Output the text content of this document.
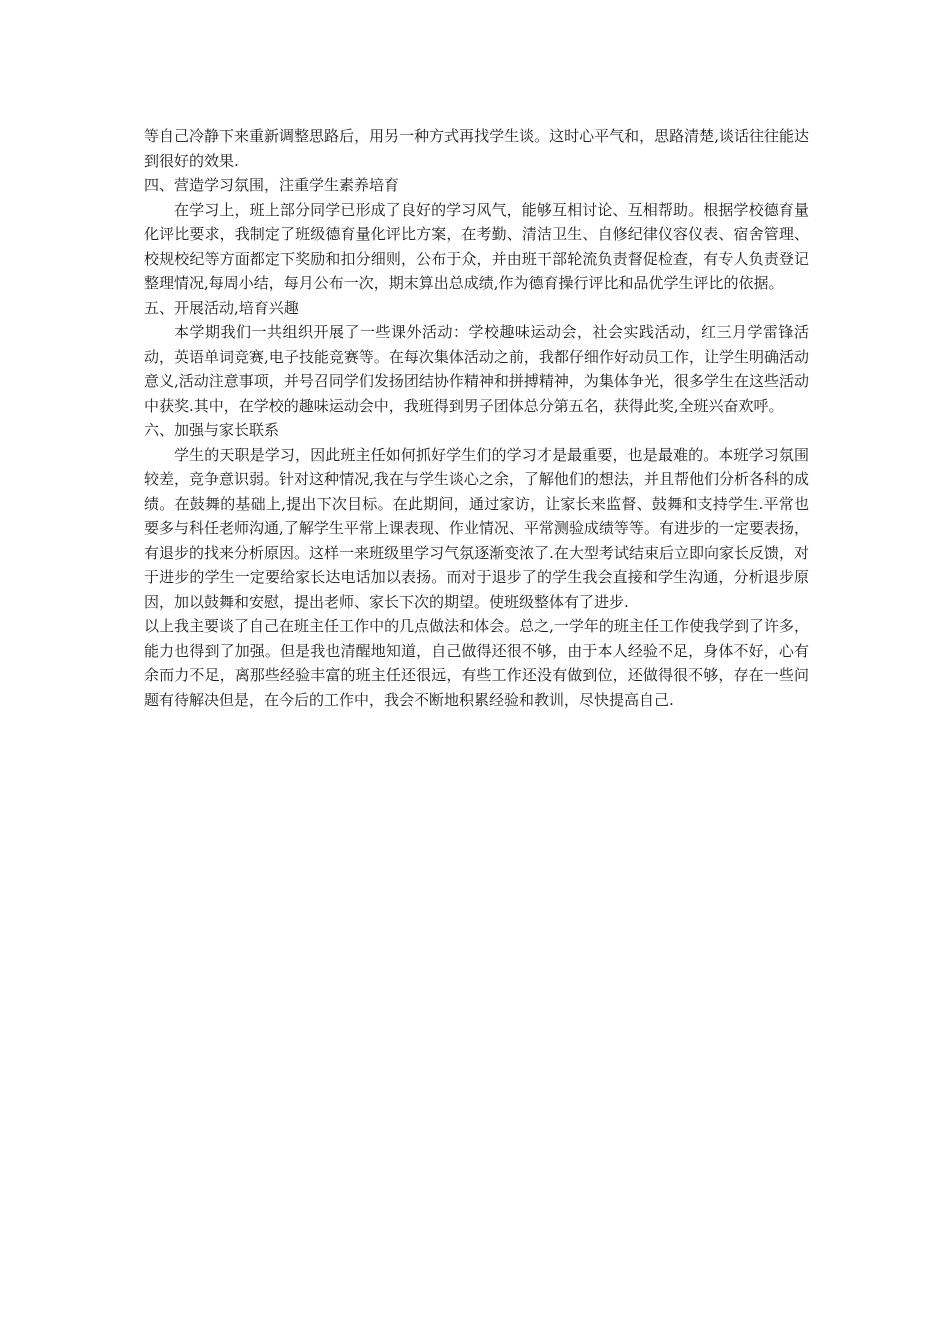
等自己冷静下来重新调整思路后，用另一种方式再找学生谈。这时心平气和，思路清楚,谈话往往能达到很好的效果.

四、营造学习氛围，注重学生素养培育

在学习上，班上部分同学已形成了良好的学习风气，能够互相讨论、互相帮助。根据学校德育量化评比要求，我制定了班级德育量化评比方案，在考勤、清洁卫生、自修纪律仪容仪表、宿舍管理、校规校纪等方面都定下奖励和扣分细则，公布于众，并由班干部轮流负责督促检查，有专人负责登记整理情况,每周小结，每月公布一次，期末算出总成绩,作为德育操行评比和品优学生评比的依据。

五、开展活动,培育兴趣

本学期我们一共组织开展了一些课外活动：学校趣味运动会，社会实践活动，红三月学雷锋活动，英语单词竞赛,电子技能竞赛等。在每次集体活动之前，我都仔细作好动员工作，让学生明确活动意义,活动注意事项，并号召同学们发扬团结协作精神和拼搏精神，为集体争光，很多学生在这些活动中获奖.其中，在学校的趣味运动会中，我班得到男子团体总分第五名，获得此奖,全班兴奋欢呼。

六、加强与家长联系

学生的天职是学习，因此班主任如何抓好学生们的学习才是最重要，也是最难的。本班学习氛围较差，竞争意识弱。针对这种情况,我在与学生谈心之余，了解他们的想法，并且帮他们分析各科的成绩。在鼓舞的基础上,提出下次目标。在此期间，通过家访，让家长来监督、鼓舞和支持学生.平常也要多与科任老师沟通,了解学生平常上课表现、作业情况、平常测验成绩等等。有进步的一定要表扬，有退步的找来分析原因。这样一来班级里学习气氛逐渐变浓了.在大型考试结束后立即向家长反馈，对于进步的学生一定要给家长达电话加以表扬。而对于退步了的学生我会直接和学生沟通，分析退步原因，加以鼓舞和安慰，提出老师、家长下次的期望。使班级整体有了进步.

以上我主要谈了自己在班主任工作中的几点做法和体会。总之,一学年的班主任工作使我学到了许多，能力也得到了加强。但是我也清醒地知道，自己做得还很不够，由于本人经验不足，身体不好，心有余而力不足，离那些经验丰富的班主任还很远，有些工作还没有做到位，还做得很不够，存在一些问题有待解决但是，在今后的工作中，我会不断地积累经验和教训，尽快提高自己.
